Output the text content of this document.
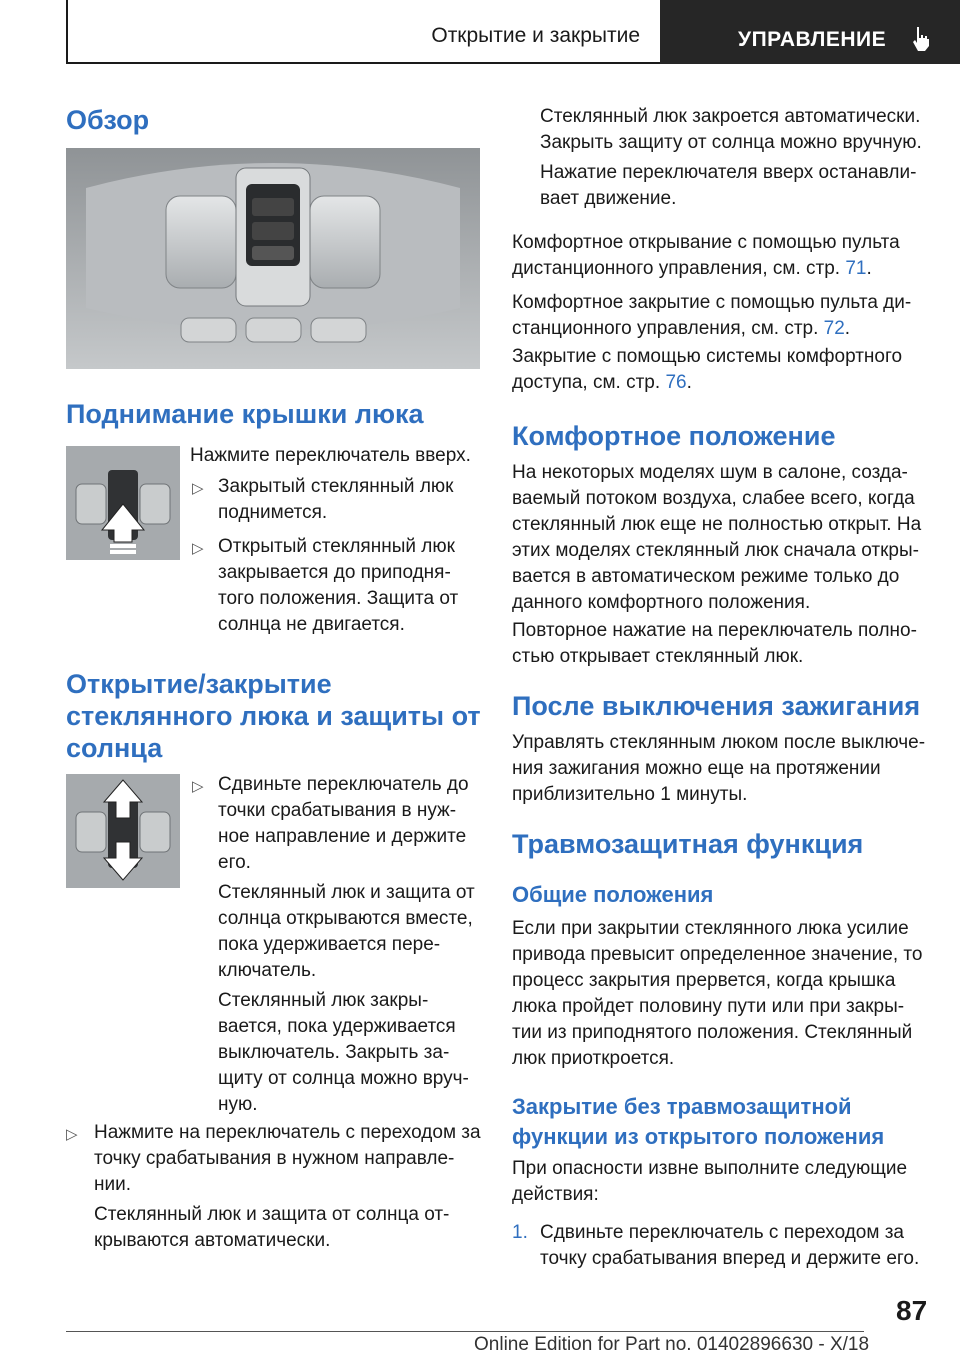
Открытие и закрытие	УПРАВЛЕНИЕ
Обзор
Поднимание крышки люка

Нажмите переключатель вверх.

▷ Закрытый стеклянный люк
поднимется.

▷ Открытый стеклянный люк
закрывается до приподня-
того положения. Защита от
солнца не двигается.

Открытие/закрытие
стеклянного люка и защиты от
солнца
▷ Сдвиньте переключатель до
точки срабатывания в нуж-
ное направление и держите
его.

Стеклянный люк и защита от
солнца открываются вместе,
пока удерживается пере-
ключатель.

Стеклянный люк закры-
вается, пока удерживается
выключатель. Закрыть за-
щиту от солнца можно вруч-
ную.

▷ Нажмите на переключатель с переходом за
точку срабатывания в нужном направле-
нии.

Стеклянный люк и защита от солнца от-
крываются автоматически.

Стеклянный люк закроется автоматически.
Закрыть защиту от солнца можно вручную.

Нажатие переключателя вверх останавли-
вает движение.

Комфортное открывание с помощью пульта
дистанционного управления, см. стр. 71.

Комфортное закрытие с помощью пульта ди-
станционного управления, см. стр. 72.

Закрытие с помощью системы комфортного
доступа, см. стр. 76.

Комфортное положение

На некоторых моделях шум в салоне, созда-
ваемый потоком воздуха, слабее всего, когда
стеклянный люк еще не полностью открыт. На
этих моделях стеклянный люк сначала откры-
вается в автоматическом режиме только до
данного комфортного положения.

Повторное нажатие на переключатель полно-
стью открывает стеклянный люк.

После выключения зажигания

Управлять стеклянным люком после выключе-
ния зажигания можно еще на протяжении
приблизительно 1 минуты.

Травмозащитная функция
Общие положения

Если при закрытии стеклянного люка усилие
привода превысит определенное значение, то
процесс закрытия прервется, когда крышка
люка пройдет половину пути или при закры-
тии из приподнятого положения. Стеклянный
люк приоткроется.

Закрытие без травмозащитной
функции из открытого положения

При опасности извне выполните следующие
действия:

1. Сдвиньте переключатель с переходом за
точку срабатывания вперед и держите его.

87
Online Edition for Part no. 01402896630 - X/18
